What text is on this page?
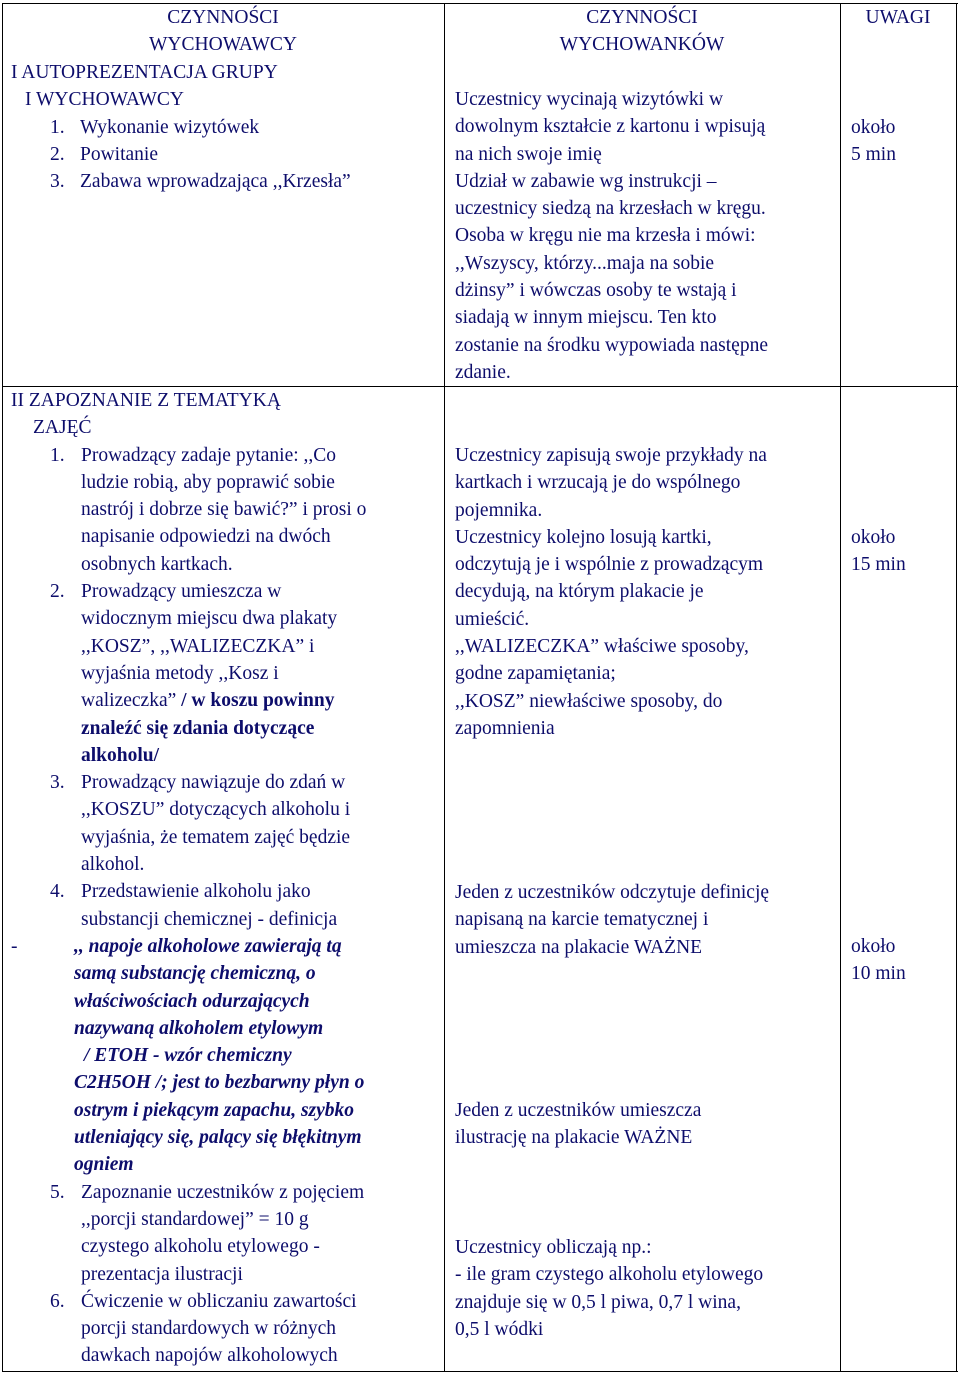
CZYNNOŚCI
WYCHOWAWCY
CZYNNOŚCI
WYCHOWANKÓW
UWAGI
I AUTOPREZENTACJA GRUPY
I WYCHOWAWCY
1. Wykonanie wizytówek
2. Powitanie
3. Zabawa wprowadzająca ,,Krzesła”
Uczestnicy wycinają wizytówki w
dowolnym kształcie z kartonu i wpisują
na nich swoje imię
Udział w zabawie wg instrukcji –
uczestnicy siedzą na krzesłach w kręgu.
Osoba w kręgu nie ma krzesła i mówi:
,,Wszyscy, którzy...maja na sobie
dżinsy” i wówczas osoby te wstają i
siadają w innym miejscu. Ten kto
zostanie na środku wypowiada następne
zdanie.
około
5 min
II ZAPOZNANIE Z TEMATYKĄ
ZAJĘĆ
1. Prowadzący zadaje pytanie: ,,Co
ludzie robią, aby poprawić sobie
nastrój i dobrze się bawić?” i prosi o
napisanie odpowiedzi na dwóch
osobnych kartkach.
2. Prowadzący umieszcza w
widocznym miejscu dwa plakaty
,,KOSZ”, ,,WALIZECZKA” i
wyjaśnia metody ,,Kosz i
walizeczka” / w koszu powinny
znaleźć się zdania dotyczące
alkoholu/
3. Prowadzący nawiązuje do zdań w
,,KOSZU” dotyczących alkoholu i
wyjaśnia, że tematem zajęć będzie
alkohol.
4. Przedstawienie alkoholu jako
substancji chemicznej - definicja
-	,, napoje alkoholowe zawierają tą
samą substancję chemiczną, o
właściwościach odurzających
nazywaną alkoholem etylowym
/ ETOH - wzór chemiczny
C2H5OH /; jest to bezbarwny płyn o
ostrym i piekącym zapachu, szybko
utleniający się, palący się błękitnym
ogniem
5. Zapoznanie uczestników z pojęciem
,,porcji standardowej” = 10 g
czystego alkoholu etylowego -
prezentacja ilustracji
6. Ćwiczenie w obliczaniu zawartości
porcji standardowych w różnych
dawkach napojów alkoholowych
Uczestnicy zapisują swoje przykłady na
kartkach i wrzucają je do wspólnego
pojemnika.
Uczestnicy kolejno losują kartki,
odczytują je i wspólnie z prowadzącym
decydują, na którym plakacie je
umieścić.
,,WALIZECZKA” właściwe sposoby,
godne zapamiętania;
,,KOSZ” niewłaściwe sposoby, do
zapomnienia
Jeden z uczestników odczytuje definicję
napisaną na karcie tematycznej i
umieszcza na plakacie WAŻNE
Jeden z uczestników umieszcza
ilustrację na plakacie WAŻNE
Uczestnicy obliczają np.:
- ile gram czystego alkoholu etylowego
znajduje się w 0,5 l piwa, 0,7 l wina,
0,5 l wódki
około
15 min
około
10 min
